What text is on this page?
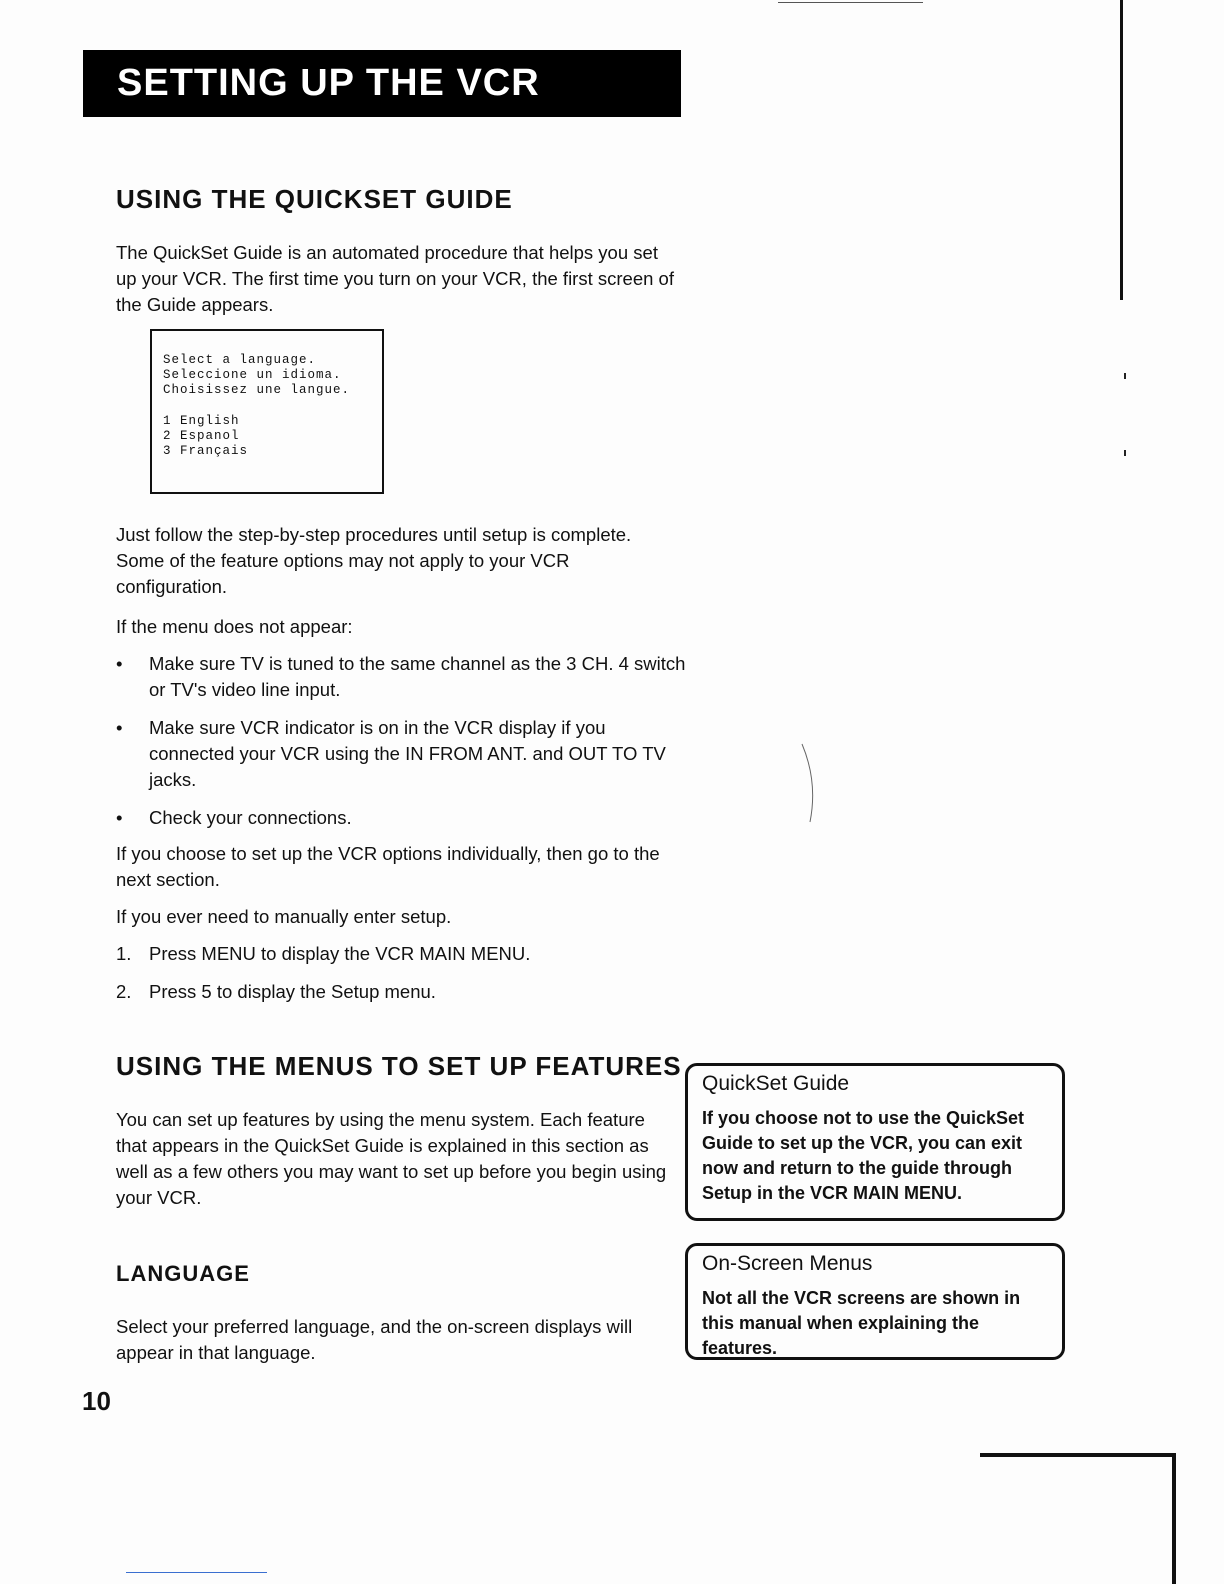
SETTING UP THE VCR
USING THE QUICKSET GUIDE

The QuickSet Guide is an automated procedure that helps you set up your VCR. The first time you turn on your VCR, the first screen of the Guide appears.

Select a language.
Seleccione un idioma.
Choisissez une langue.
1 English
2 Espanol
3 Français

Just follow the step-by-step procedures until setup is complete. Some of the feature options may not apply to your VCR configuration.

If the menu does not appear:

• Make sure TV is tuned to the same channel as the 3 CH. 4 switch or TV's video line input.
• Make sure VCR indicator is on in the VCR display if you connected your VCR using the IN FROM ANT. and OUT TO TV jacks.
• Check your connections.

If you choose to set up the VCR options individually, then go to the next section.

If you ever need to manually enter setup.

1. Press MENU to display the VCR MAIN MENU.
2. Press 5 to display the Setup menu.
USING THE MENUS TO SET UP FEATURES

You can set up features by using the menu system. Each feature that appears in the QuickSet Guide is explained in this section as well as a few others you may want to set up before you begin using your VCR.

LANGUAGE

Select your preferred language, and the on-screen displays will appear in that language.

QuickSet Guide
If you choose not to use the QuickSet Guide to set up the VCR, you can exit now and return to the guide through Setup in the VCR MAIN MENU.
On-Screen Menus
Not all the VCR screens are shown in this manual when explaining the features.
10
